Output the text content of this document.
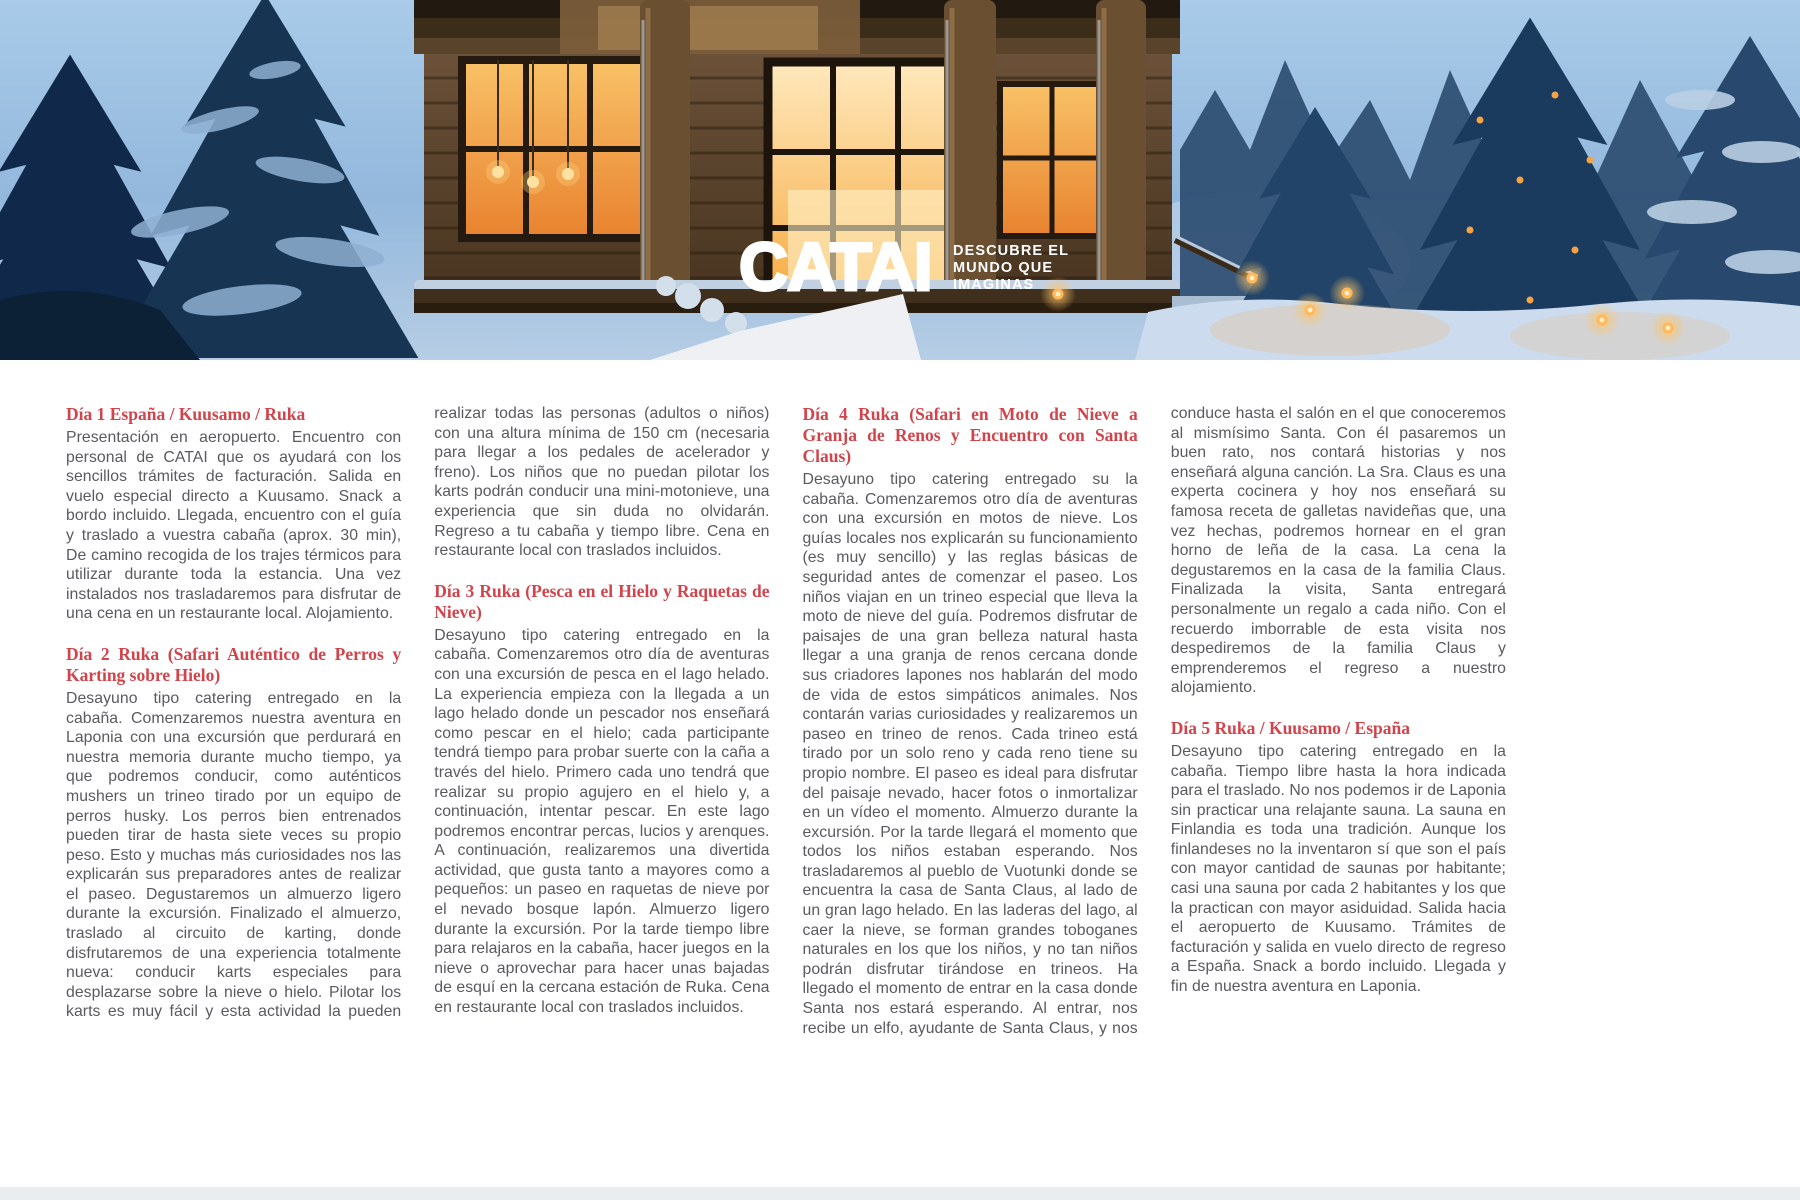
CATAI DESCUBRE EL
MUNDO QUE
IMAGINAS
Día 1 España / Kuusamo / Ruka

Presentación en aeropuerto. Encuentro con personal de CATAI que os ayudará con los sencillos trámites de facturación. Salida en vuelo especial directo a Kuusamo. Snack a bordo incluido. Llegada, encuentro con el guía y traslado a vuestra cabaña (aprox. 30 min), De camino recogida de los trajes térmicos para utilizar durante toda la estancia. Una vez instalados nos trasladaremos para disfrutar de una cena en un restaurante local. Alojamiento.

Día 2 Ruka (Safari Auténtico de Perros y Karting sobre Hielo)

Desayuno tipo catering entregado en la cabaña. Comenzaremos nuestra aventura en Laponia con una excursión que perdurará en nuestra memoria durante mucho tiempo, ya que podremos conducir, como auténticos mushers un trineo tirado por un equipo de perros husky. Los perros bien entrenados pueden tirar de hasta siete veces su propio peso. Esto y muchas más curiosidades nos las explicarán sus preparadores antes de realizar el paseo. Degustaremos un almuerzo ligero durante la excursión. Finalizado el almuerzo, traslado al circuito de karting, donde disfrutaremos de una experiencia totalmente nueva: conducir karts especiales para desplazarse sobre la nieve o hielo. Pilotar los karts es muy fácil y esta actividad la pueden realizar todas las personas (adultos o niños) con una altura mínima de 150 cm (necesaria para llegar a los pedales de acelerador y freno). Los niños que no puedan pilotar los karts podrán conducir una mini-motonieve, una experiencia que sin duda no olvidarán. Regreso a tu cabaña y tiempo libre. Cena en restaurante local con traslados incluidos.

Día 3 Ruka (Pesca en el Hielo y Raquetas de Nieve)

Desayuno tipo catering entregado en la cabaña. Comenzaremos otro día de aventuras con una excursión de pesca en el lago helado. La experiencia empieza con la llegada a un lago helado donde un pescador nos enseñará como pescar en el hielo; cada participante tendrá tiempo para probar suerte con la caña a través del hielo. Primero cada uno tendrá que realizar su propio agujero en el hielo y, a continuación, intentar pescar. En este lago podremos encontrar percas, lucios y arenques. A continuación, realizaremos una divertida actividad, que gusta tanto a mayores como a pequeños: un paseo en raquetas de nieve por el nevado bosque lapón. Almuerzo ligero durante la excursión. Por la tarde tiempo libre para relajaros en la cabaña, hacer juegos en la nieve o aprovechar para hacer unas bajadas de esquí en la cercana estación de Ruka. Cena en restaurante local con traslados incluidos.

Día 4 Ruka (Safari en Moto de Nieve a Granja de Renos y Encuentro con Santa Claus)

Desayuno tipo catering entregado su la cabaña. Comenzaremos otro día de aventuras con una excursión en motos de nieve. Los guías locales nos explicarán su funcionamiento (es muy sencillo) y las reglas básicas de seguridad antes de comenzar el paseo. Los niños viajan en un trineo especial que lleva la moto de nieve del guía. Podremos disfrutar de paisajes de una gran belleza natural hasta llegar a una granja de renos cercana donde sus criadores lapones nos hablarán del modo de vida de estos simpáticos animales. Nos contarán varias curiosidades y realizaremos un paseo en trineo de renos. Cada trineo está tirado por un solo reno y cada reno tiene su propio nombre. El paseo es ideal para disfrutar del paisaje nevado, hacer fotos o inmortalizar en un vídeo el momento. Almuerzo durante la excursión. Por la tarde llegará el momento que todos los niños estaban esperando. Nos trasladaremos al pueblo de Vuotunki donde se encuentra la casa de Santa Claus, al lado de un gran lago helado. En las laderas del lago, al caer la nieve, se forman grandes toboganes naturales en los que los niños, y no tan niños podrán disfrutar tirándose en trineos. Ha llegado el momento de entrar en la casa donde Santa nos estará esperando. Al entrar, nos recibe un elfo, ayudante de Santa Claus, y nos conduce hasta el salón en el que conoceremos al mismísimo Santa. Con él pasaremos un buen rato, nos contará historias y nos enseñará alguna canción. La Sra. Claus es una experta cocinera y hoy nos enseñará su famosa receta de galletas navideñas que, una vez hechas, podremos hornear en el gran horno de leña de la casa. La cena la degustaremos en la casa de la familia Claus. Finalizada la visita, Santa entregará personalmente un regalo a cada niño. Con el recuerdo imborrable de esta visita nos despediremos de la familia Claus y emprenderemos el regreso a nuestro alojamiento.

Día 5 Ruka / Kuusamo / España

Desayuno tipo catering entregado en la cabaña. Tiempo libre hasta la hora indicada para el traslado. No nos podemos ir de Laponia sin practicar una relajante sauna. La sauna en Finlandia es toda una tradición. Aunque los finlandeses no la inventaron sí que son el país con mayor cantidad de saunas por habitante; casi una sauna por cada 2 habitantes y los que la practican con mayor asiduidad. Salida hacia el aeropuerto de Kuusamo. Trámites de facturación y salida en vuelo directo de regreso a España. Snack a bordo incluido. Llegada y fin de nuestra aventura en Laponia.
